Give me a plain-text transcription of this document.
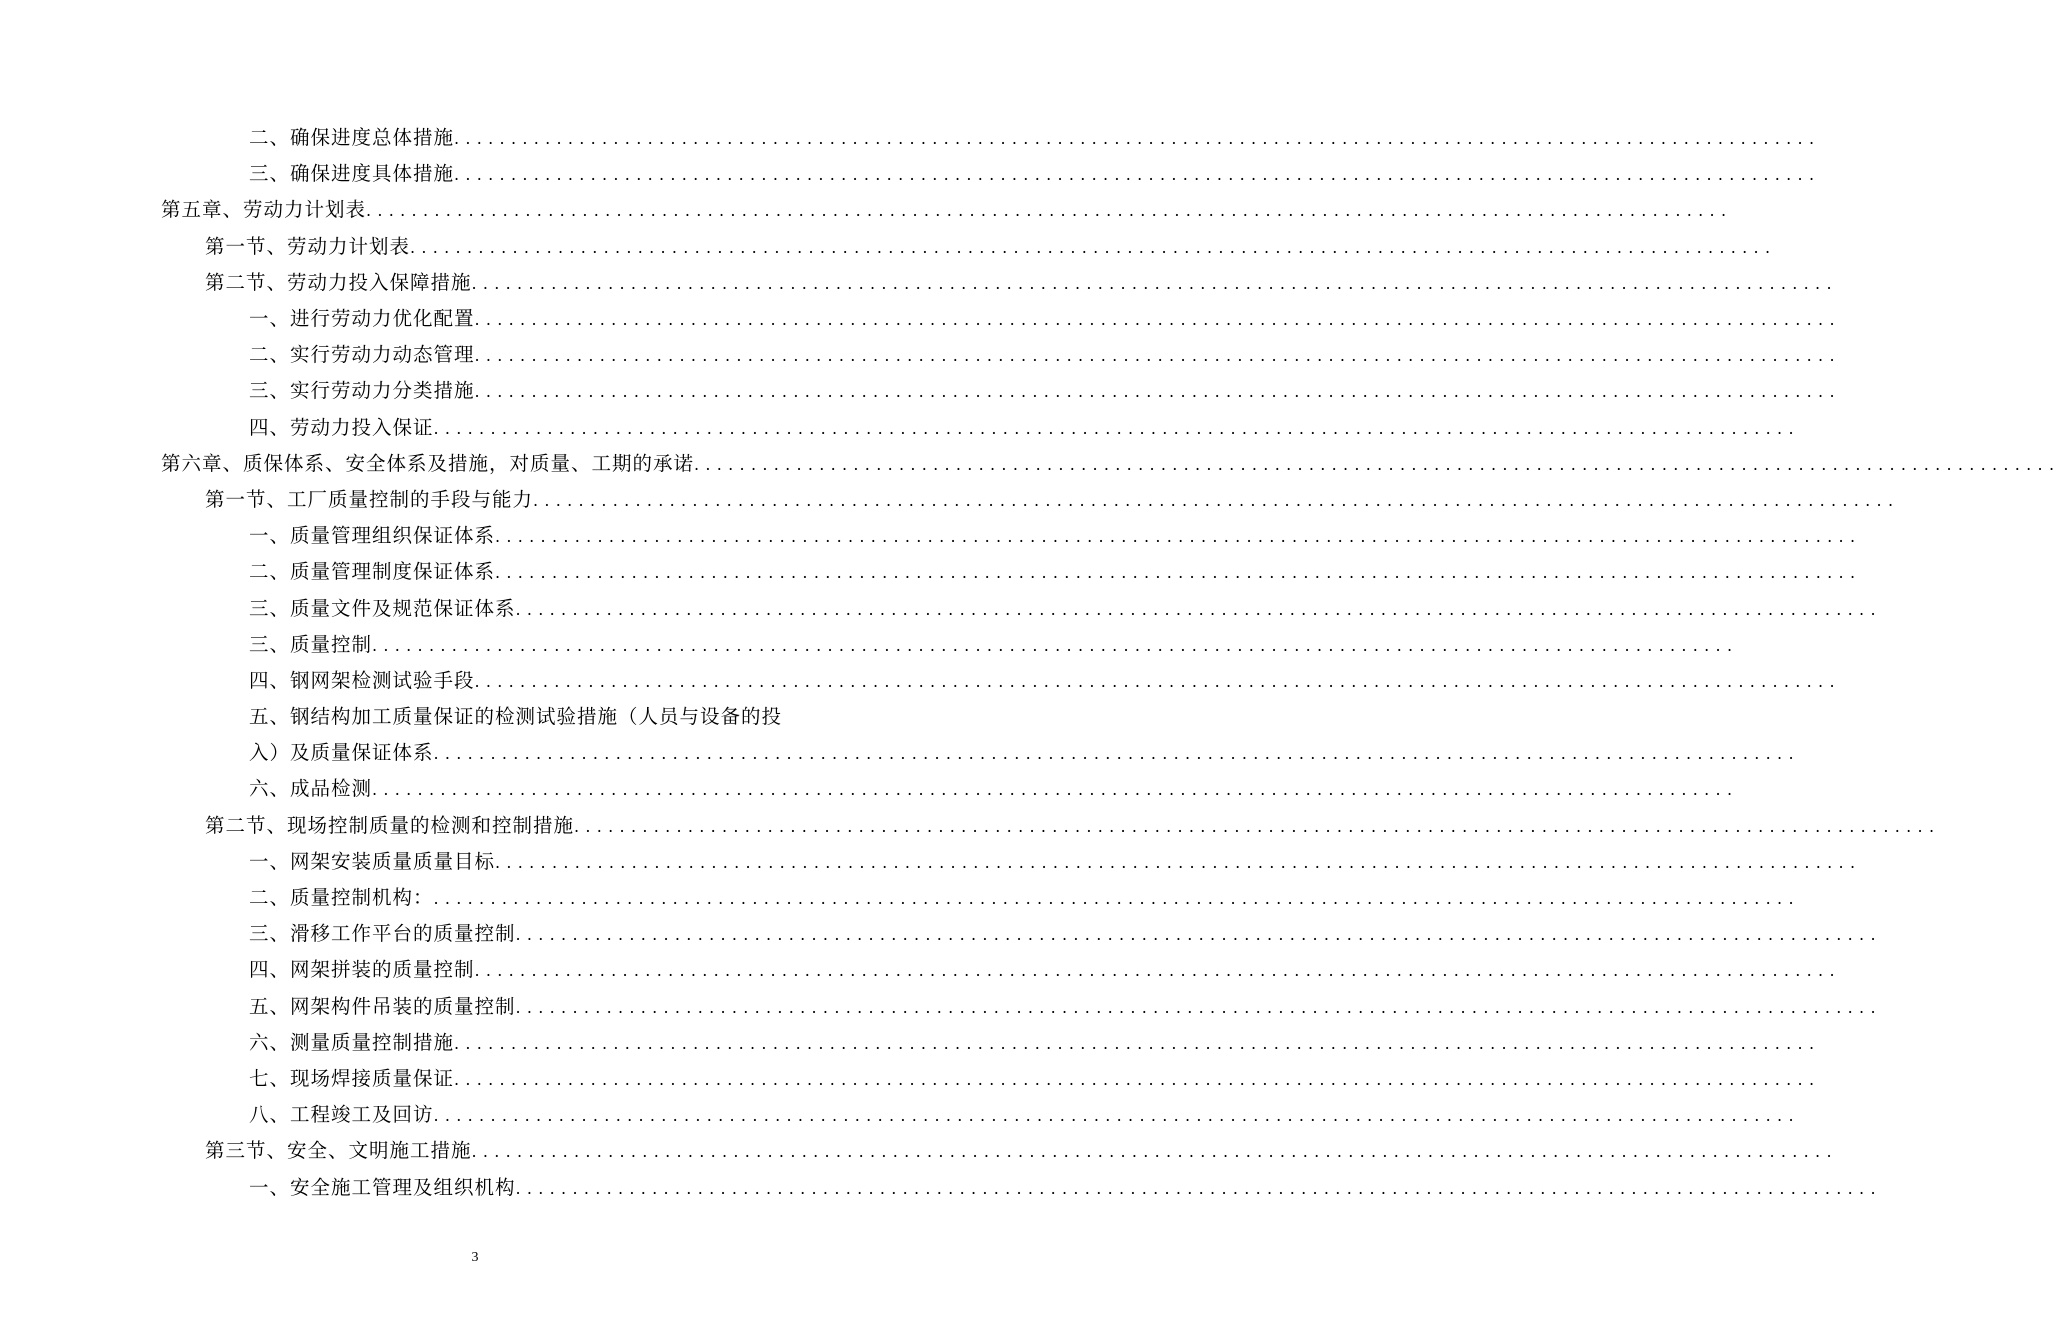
二、确保进度总体措施 ........................................................................................................................
三、确保进度具体措施 ........................................................................................................................
第五章、劳动力计划表 ........................................................................................................................
第一节、劳动力计划表 ........................................................................................................................
第二节、劳动力投入保障措施 ........................................................................................................................
一、进行劳动力优化配置 ........................................................................................................................
二、实行劳动力动态管理 ........................................................................................................................
三、实行劳动力分类措施 ........................................................................................................................
四、劳动力投入保证 ........................................................................................................................
第六章、质保体系、安全体系及措施，对质量、工期的承诺 ........................................................................................................................
第一节、工厂质量控制的手段与能力 ........................................................................................................................
一、质量管理组织保证体系 ........................................................................................................................
二、质量管理制度保证体系 ........................................................................................................................
三、质量文件及规范保证体系 ........................................................................................................................
三、质量控制 ........................................................................................................................
四、钢网架检测试验手段 ........................................................................................................................
五、钢结构加工质量保证的检测试验措施（人员与设备的投
入）及质量保证体系 ........................................................................................................................
六、成品检测 ........................................................................................................................
第二节、现场控制质量的检测和控制措施 ........................................................................................................................
一、网架安装质量质量目标 ........................................................................................................................
二、质量控制机构： ........................................................................................................................
三、滑移工作平台的质量控制 ........................................................................................................................
四、网架拼装的质量控制 ........................................................................................................................
五、网架构件吊装的质量控制 ........................................................................................................................
六、测量质量控制措施 ........................................................................................................................
七、现场焊接质量保证 ........................................................................................................................
八、工程竣工及回访 ........................................................................................................................
第三节、安全、文明施工措施 ........................................................................................................................
一、安全施工管理及组织机构 ........................................................................................................................
3
